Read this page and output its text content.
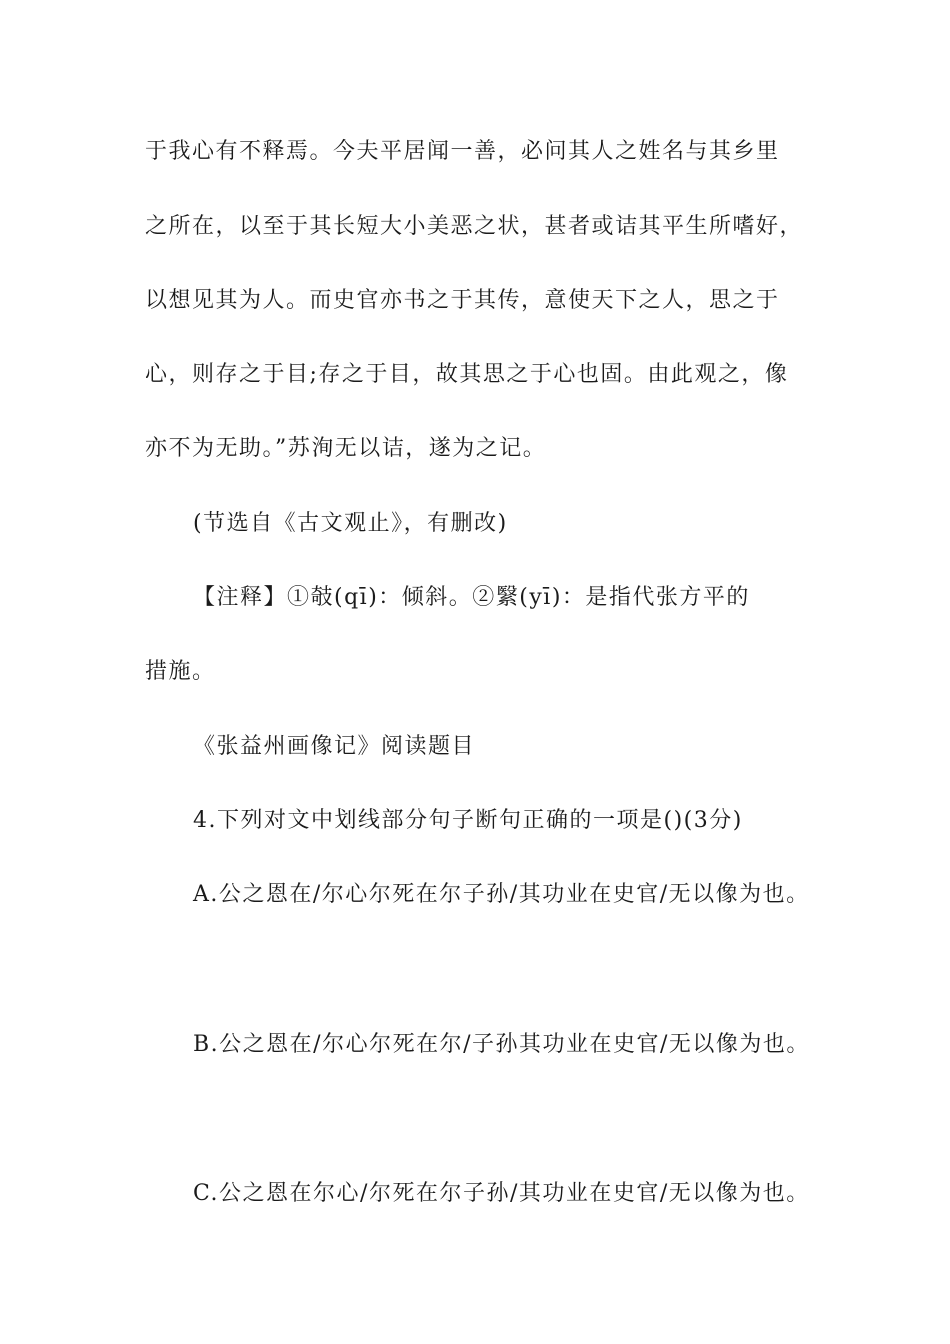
于我心有不释焉。今夫平居闻一善，必问其人之姓名与其乡里
之所在，以至于其长短大小美恶之状，甚者或诘其平生所嗜好，
以想见其为人。而史官亦书之于其传，意使天下之人，思之于
心，则存之于目;存之于目，故其思之于心也固。由此观之，像
亦不为无助。”苏洵无以诘，遂为之记。
(节选自《古文观止》，有删改)
【注释】①攲(qī)：倾斜。②繄(yī)：是指代张方平的
措施。
《张益州画像记》阅读题目
4.下列对文中划线部分句子断句正确的一项是()(3分)
A.公之恩在/尔心尔死在尔子孙/其功业在史官/无以像为也。
B.公之恩在/尔心尔死在尔/子孙其功业在史官/无以像为也。
C.公之恩在尔心/尔死在尔子孙/其功业在史官/无以像为也。
